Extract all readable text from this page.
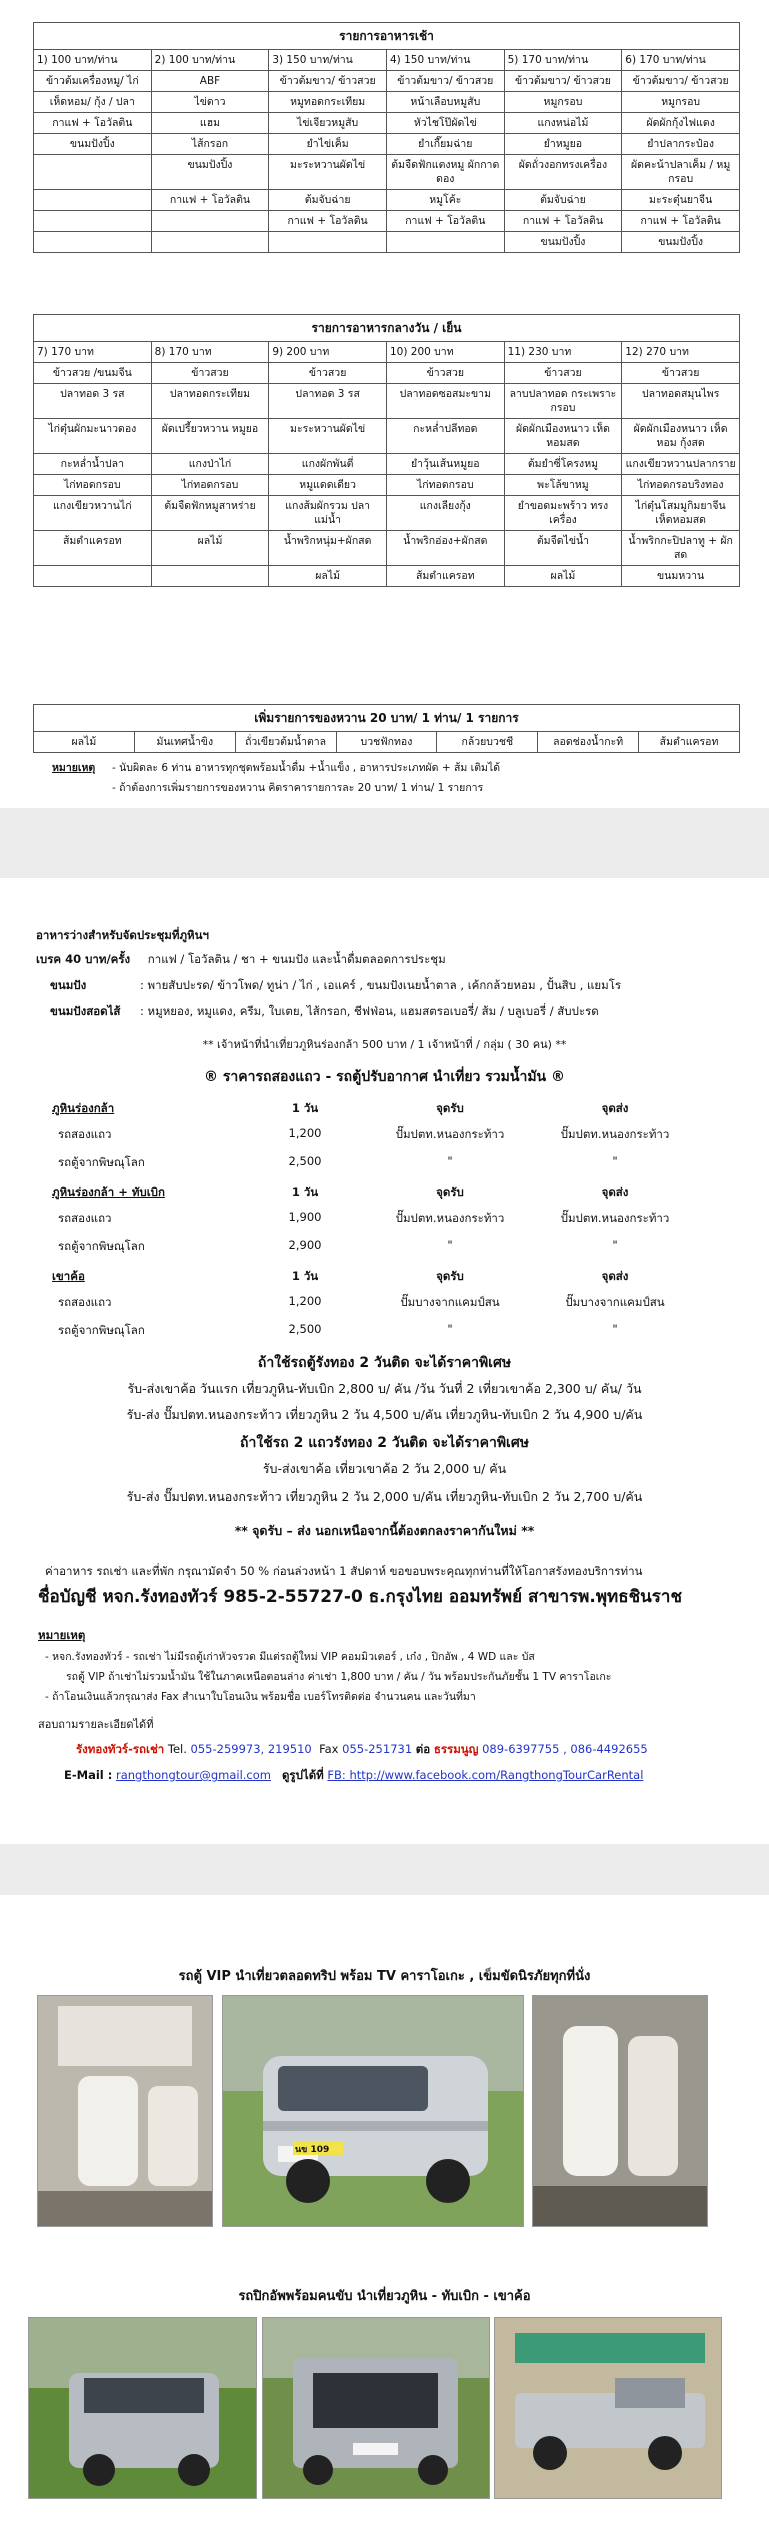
รายการอาหารเช้า					
1) 100 บาท/ท่าน	2) 100 บาท/ท่าน	3) 150 บาท/ท่าน	4) 150 บาท/ท่าน	5) 170 บาท/ท่าน	6) 170 บาท/ท่าน
ข้าวต้มเครื่องหมู/ ไก่	ABF	ข้าวต้มขาว/ ข้าวสวย	ข้าวต้มขาว/ ข้าวสวย	ข้าวต้มขาว/ ข้าวสวย	ข้าวต้มขาว/ ข้าวสวย
เห็ดหอม/ กุ้ง / ปลา	ไข่ดาว	หมูทอดกระเทียม	หน้าเลือบหมูสับ	หมูกรอบ	หมูกรอบ
กาแฟ + โอวัลติน	แฮม	ไข่เจียวหมูสับ	หัวไชโป๊ผัดไข่	แกงหน่อไม้	ผัดผักกุ้งไฟแดง
ขนมปังปิ้ง	ไส้กรอก	ยำไข่เค็ม	ยำเกี๊ยมฉ่าย	ยำหมูยอ	ยำปลากระป๋อง
	ขนมปังปิ้ง	มะระหวานผัดไข่	ต้มจืดฟักแตงหมู ผักกาดดอง	ผัดถั่วงอกทรงเครื่อง	ผัดคะน้าปลาเค็ม / หมูกรอบ
	กาแฟ + โอวัลติน	ต้มจับฉ่าย	หมูโค้ะ	ต้มจับฉ่าย	มะระตุ๋นยาจีน
		กาแฟ + โอวัลติน	กาแฟ + โอวัลติน	กาแฟ + โอวัลติน	กาแฟ + โอวัลติน
				ขนมปังปิ้ง	ขนมปังปิ้ง
รายการอาหารกลางวัน / เย็น					
7) 170 บาท	8) 170 บาท	9) 200 บาท	10) 200 บาท	11) 230 บาท	12) 270 บาท
ข้าวสวย /ขนมจีน	ข้าวสวย	ข้าวสวย	ข้าวสวย	ข้าวสวย	ข้าวสวย
ปลาทอด 3 รส	ปลาทอดกระเทียม	ปลาทอด 3 รส	ปลาทอดซอสมะขาม	ลาบปลาทอด กระเพราะกรอบ	ปลาทอดสมุนไพร
ไก่ตุ๋นผักมะนาวดอง	ผัดเปรี้ยวหวาน หมูยอ	มะระหวานผัดไข่	กะหล่ำปลีทอด	ผัดผักเมืองหนาว เห็ดหอมสด	ผัดผักเมืองหนาว เห็ดหอม กุ้งสด
กะหล่ำน้ำปลา	แกงป่าไก่	แกงผักพันตี่	ยำวุ้นเส้นหมูยอ	ต้มยำซี่โครงหมู	แกงเขียวหวานปลากราย
ไก่ทอดกรอบ	ไก่ทอดกรอบ	หมูแดดเดียว	ไก่ทอดกรอบ	พะโล้ขาหมู	ไก่ทอดกรอบริงทอง
แกงเขียวหวานไก่	ต้มจืดฟักหมูสาหร่าย	แกงส้มผักรวม ปลาแม่น้ำ	แกงเลียงกุ้ง	ยำขอดมะพร้าว ทรงเครื่อง	ไก่ตุ๋นโสมมูกิมยาจีน เห็ดหอมสด
ส้มตำแครอท	ผลไม้	น้ำพริกหนุ่ม+ผักสด	น้ำพริกอ่อง+ผักสด	ต้มจืดไข่น้ำ	น้ำพริกกะปิปลาทู + ผักสด
		ผลไม้	ส้มตำแครอท	ผลไม้	ขนมหวาน
เพิ่มรายการของหวาน 20 บาท/ 1 ท่าน/ 1 รายการ
ผลไม้	มันเทศน้ำขิง	ถั่วเขียวต้มน้ำตาล	บวชฟักทอง	กล้วยบวชชี	ลอดช่องน้ำกะทิ	ส้มตำแครอท
หมายเหตุ - นับผิดละ 6 ท่าน อาหารทุกชุดพร้อมน้ำดื่ม +น้ำแข็ง , อาหารประเภทผัด + ส้ม เติมได้
- ถ้าต้องการเพิ่มรายการของหวาน คิดราคารายการละ 20 บาท/ 1 ท่าน/ 1 รายการ
อาหารว่างสำหรับจัดประชุมที่ภูหินฯ
เบรค 40 บาท/ครั้ง กาแฟ / โอวัลติน / ชา + ขนมปัง และน้ำดื่มตลอดการประชุม
ขนมปัง	: พายสับปะรด/ ข้าวโพด/ ทูน่า / ไก่ , เอแคร์ , ขนมปังเนยน้ำตาล , เค้กกล้วยหอม , ปั้นสิบ , แยมโร
ขนมปังสอดไส้ : หมูหยอง, หมูแดง, ครีม, ใบเตย, ไส้กรอก, ชีฟฟ่อน, แฮมสตรอเบอรี่/ ส้ม / บลูเบอรี่ / สับปะรด
** เจ้าหน้าที่นำเที่ยวภูหินร่องกล้า 500 บาท / 1 เจ้าหน้าที่ / กลุ่ม ( 30 คน) **
® ราคารถสองแถว - รถตู้ปรับอากาศ นำเที่ยว รวมน้ำมัน ®
ภูหินร่องกล้า	1 วัน	จุดรับ	จุดส่ง
รถสองแถว	1,200	ปั๊มปตท.หนองกระท้าว	ปั๊มปตท.หนองกระท้าว
รถตู้จากพิษณุโลก	2,500	"	"
ภูหินร่องกล้า + ทับเบิก	1 วัน	จุดรับ	จุดส่ง
รถสองแถว	1,900	ปั๊มปตท.หนองกระท้าว	ปั๊มปตท.หนองกระท้าว
รถตู้จากพิษณุโลก	2,900	"	"
เขาค้อ	1 วัน	จุดรับ	จุดส่ง
รถสองแถว	1,200	ปั๊มบางจากแคมป์สน	ปั๊มบางจากแคมป์สน
รถตู้จากพิษณุโลก	2,500	"	"
ถ้าใช้รถตู้รังทอง 2 วันติด จะได้ราคาพิเศษ
รับ-ส่งเขาค้อ วันแรก เที่ยวภูหิน-ทับเบิก 2,800 บ/ คัน /วัน วันที่ 2 เที่ยวเขาค้อ 2,300 บ/ คัน/ วัน
รับ-ส่ง ปั๊มปตท.หนองกระท้าว เที่ยวภูหิน 2 วัน 4,500 บ/คัน เที่ยวภูหิน-ทับเบิก 2 วัน 4,900 บ/คัน
ถ้าใช้รถ 2 แถวรังทอง 2 วันติด จะได้ราคาพิเศษ
รับ-ส่งเขาค้อ เที่ยวเขาค้อ 2 วัน 2,000 บ/ คัน
รับ-ส่ง ปั๊มปตท.หนองกระท้าว เที่ยวภูหิน 2 วัน 2,000 บ/คัน เที่ยวภูหิน-ทับเบิก 2 วัน 2,700 บ/คัน
** จุดรับ – ส่ง นอกเหนือจากนี้ต้องตกลงราคากันใหม่ **
ค่าอาหาร รถเช่า และที่พัก กรุณามัดจำ 50 % ก่อนล่วงหน้า 1 สัปดาห์ ขอขอบพระคุณทุกท่านที่ให้โอกาสรังทองบริการท่าน
ชื่อบัญชี หจก.รังทองทัวร์ 985-2-55727-0 ธ.กรุงไทย ออมทรัพย์ สาขารพ.พุทธชินราช
หมายเหตุ
- หจก.รังทองทัวร์ - รถเช่า ไม่มีรถตู้เก่าหัวจรวด มีแต่รถตู้ใหม่ VIP คอมมิวเตอร์ , เก๋ง , ปิกอัพ , 4 WD และ บัส
รถตู้ VIP ถ้าเช่าไม่รวมน้ำมัน ใช้ในภาคเหนือตอนล่าง ค่าเช่า 1,800 บาท / คัน / วัน พร้อมประกันภัยชั้น 1 TV คาราโอเกะ
- ถ้าโอนเงินแล้วกรุณาส่ง Fax สำเนาใบโอนเงิน พร้อมชื่อ เบอร์โทรติดต่อ จำนวนคน และวันที่มา
สอบถามรายละเอียดได้ที่
รังทองทัวร์-รถเช่า Tel. 055-259973, 219510 Fax 055-251731 ต่อ ธรรมนูญ 089-6397755 , 086-4492655
E-Mail : rangthongtour@gmail.com ดูรูปได้ที่ FB: http://www.facebook.com/RangthongTourCarRental
รถตู้ VIP นำเที่ยวตลอดทริป พร้อม TV คาราโอเกะ , เข็มขัดนิรภัยทุกที่นั่ง
นข 109
รถปิกอัพพร้อมคนขับ นำเที่ยวภูหิน - ทับเบิก - เขาค้อ
